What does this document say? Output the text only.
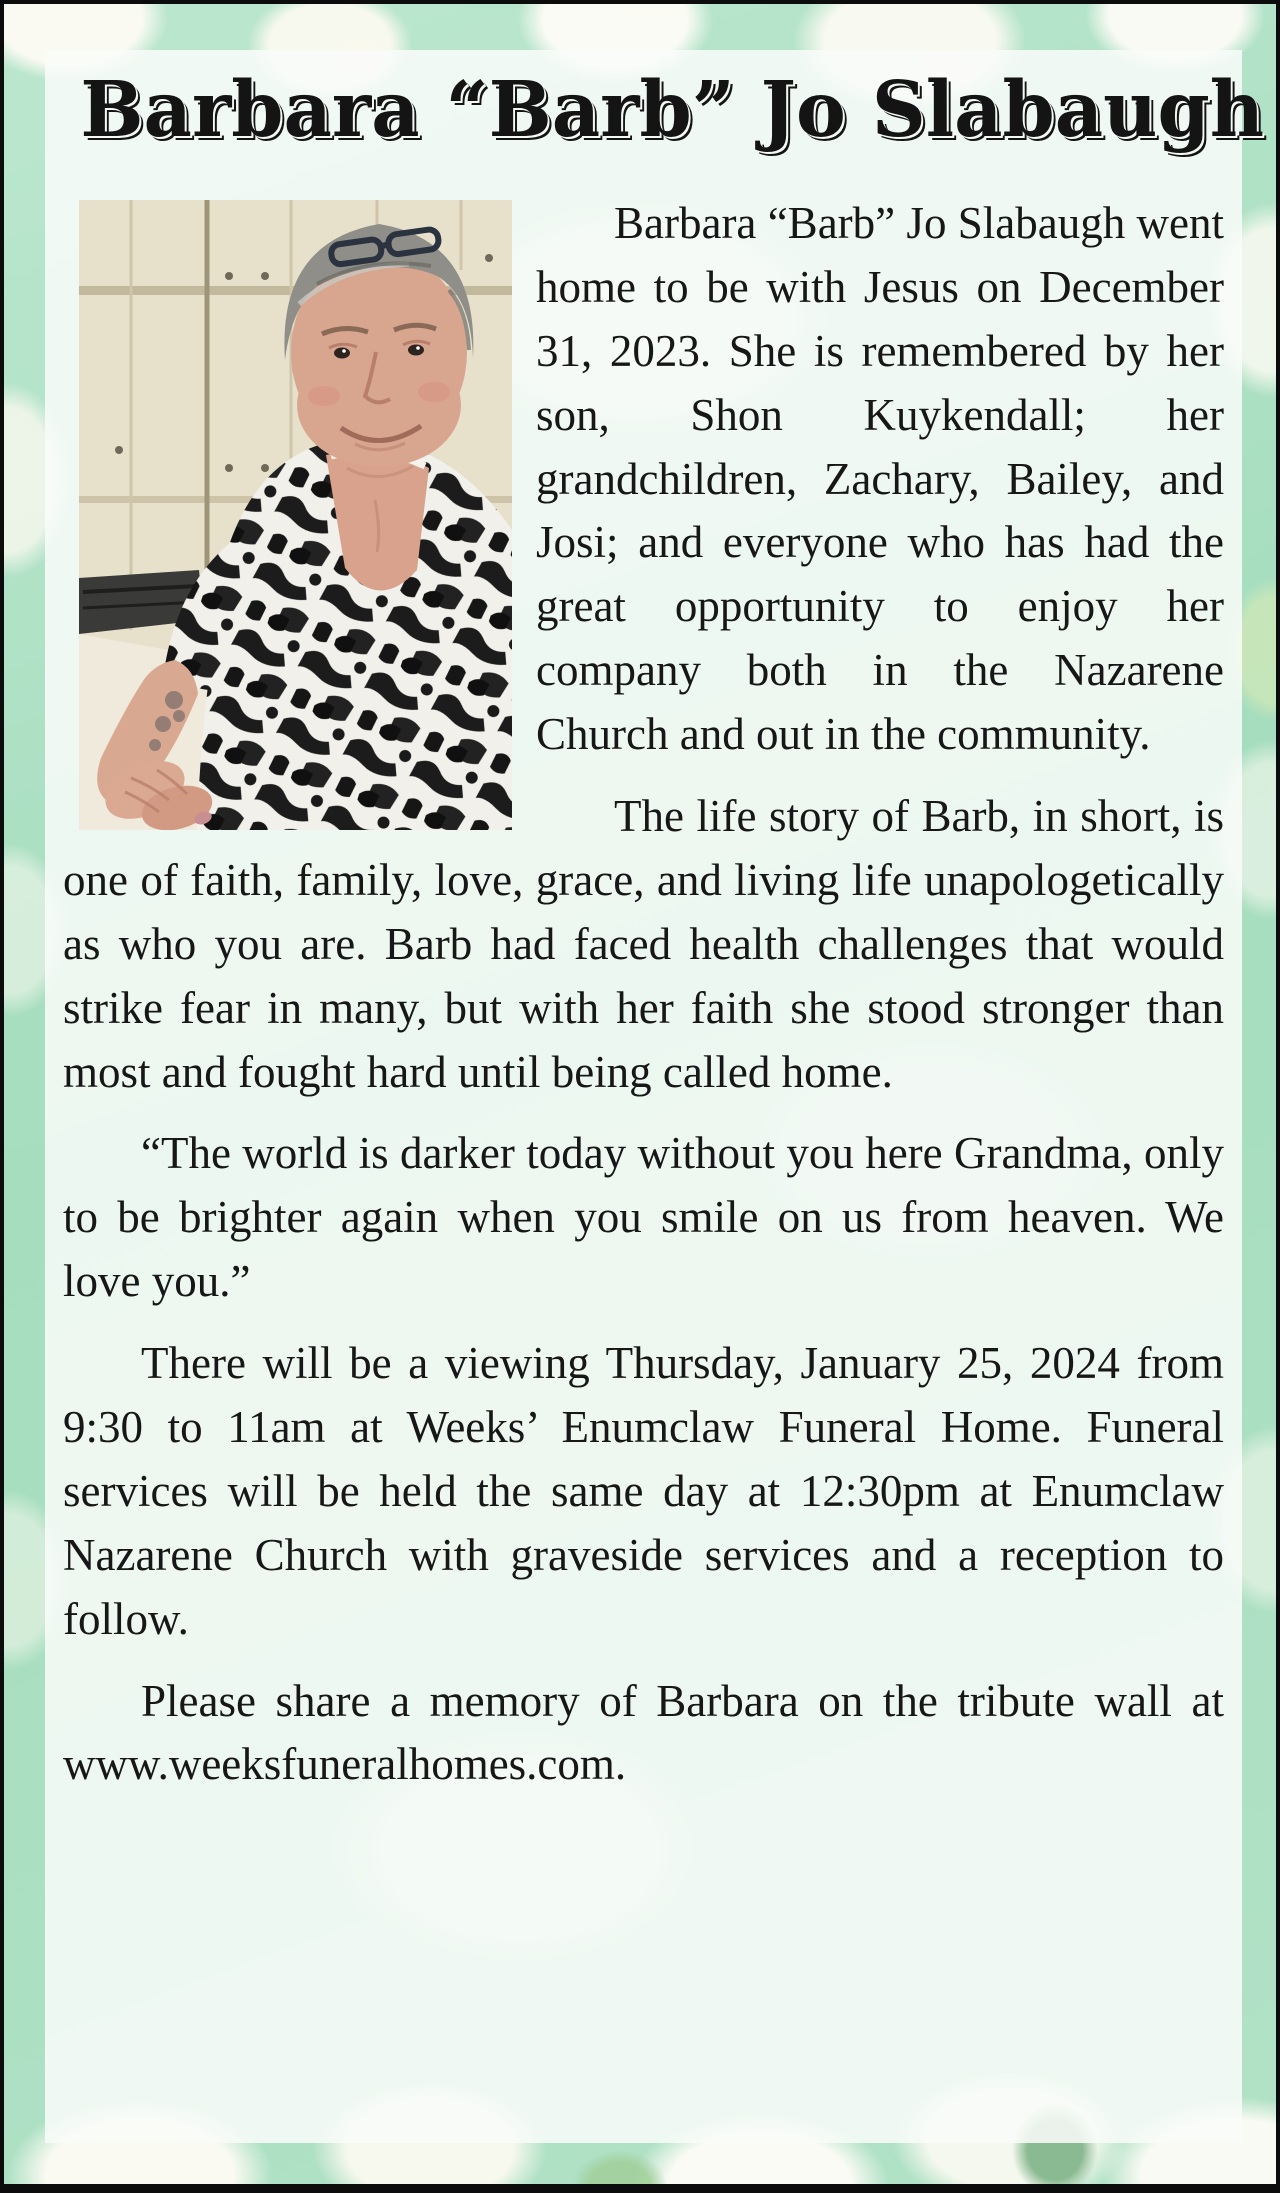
Barbara “Barb” Jo Slabaugh

Barbara “Barb” Jo Slabaugh went home to be with Jesus on December 31, 2023. She is remembered by her son, Shon Kuykendall; her grandchildren, Zachary, Bailey, and Josi; and everyone who has had the great opportunity to enjoy her company both in the Nazarene Church and out in the community.

The life story of Barb, in short, is one of faith, family, love, grace, and living life unapologetically as who you are. Barb had faced health challenges that would strike fear in many, but with her faith she stood stronger than most and fought hard until being called home.

“The world is darker today without you here Grandma, only to be brighter again when you smile on us from heaven. We love you.”

There will be a viewing Thursday, January 25, 2024 from 9:30 to 11am at Weeks’ Enumclaw Funeral Home. Funeral services will be held the same day at 12:30pm at Enumclaw Nazarene Church with graveside services and a reception to follow.

Please share a memory of Barbara on the tribute wall at www.weeksfuneralhomes.com.
